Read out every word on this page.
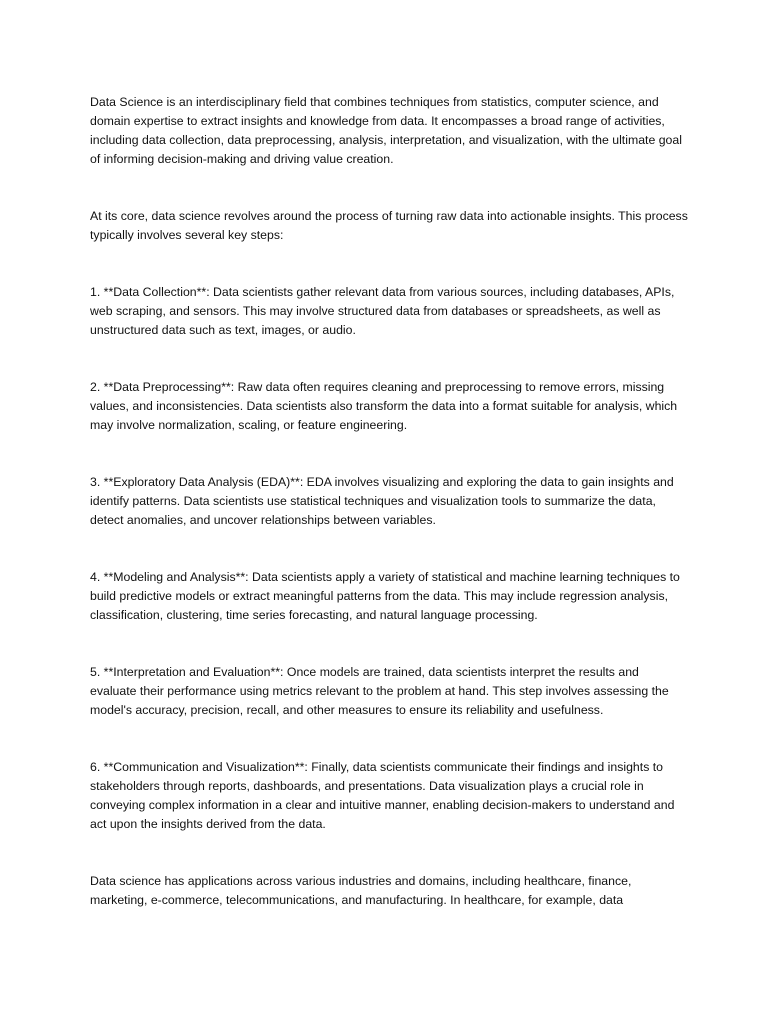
Data Science is an interdisciplinary field that combines techniques from statistics, computer science, and domain expertise to extract insights and knowledge from data. It encompasses a broad range of activities, including data collection, data preprocessing, analysis, interpretation, and visualization, with the ultimate goal of informing decision-making and driving value creation.

At its core, data science revolves around the process of turning raw data into actionable insights. This process typically involves several key steps:

1. **Data Collection**: Data scientists gather relevant data from various sources, including databases, APIs, web scraping, and sensors. This may involve structured data from databases or spreadsheets, as well as unstructured data such as text, images, or audio.

2. **Data Preprocessing**: Raw data often requires cleaning and preprocessing to remove errors, missing values, and inconsistencies. Data scientists also transform the data into a format suitable for analysis, which may involve normalization, scaling, or feature engineering.

3. **Exploratory Data Analysis (EDA)**: EDA involves visualizing and exploring the data to gain insights and identify patterns. Data scientists use statistical techniques and visualization tools to summarize the data, detect anomalies, and uncover relationships between variables.

4. **Modeling and Analysis**: Data scientists apply a variety of statistical and machine learning techniques to build predictive models or extract meaningful patterns from the data. This may include regression analysis, classification, clustering, time series forecasting, and natural language processing.

5. **Interpretation and Evaluation**: Once models are trained, data scientists interpret the results and evaluate their performance using metrics relevant to the problem at hand. This step involves assessing the model's accuracy, precision, recall, and other measures to ensure its reliability and usefulness.

6. **Communication and Visualization**: Finally, data scientists communicate their findings and insights to stakeholders through reports, dashboards, and presentations. Data visualization plays a crucial role in conveying complex information in a clear and intuitive manner, enabling decision-makers to understand and act upon the insights derived from the data.

Data science has applications across various industries and domains, including healthcare, finance, marketing, e-commerce, telecommunications, and manufacturing. In healthcare, for example, data
